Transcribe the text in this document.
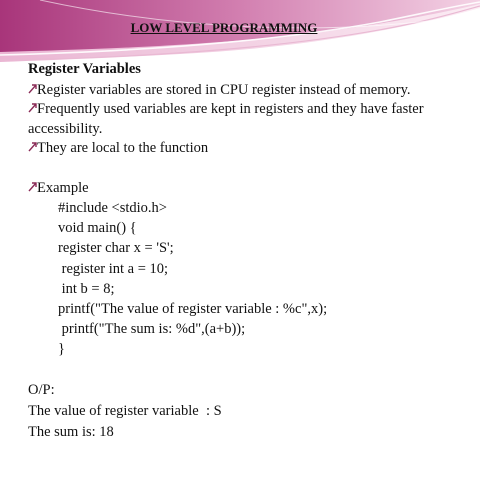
LOW LEVEL PROGRAMMING
Register Variables
Register variables are stored in CPU register instead of memory.
Frequently used variables are kept in registers and they have faster accessibility.
They are local to the function
Example
#include <stdio.h>
void main() {
register char x = 'S';
register int a = 10;
int b = 8;
printf("The value of register variable : %c",x);
printf("The sum is: %d",(a+b));
}
O/P:
The value of register variable  : S
The sum is: 18
